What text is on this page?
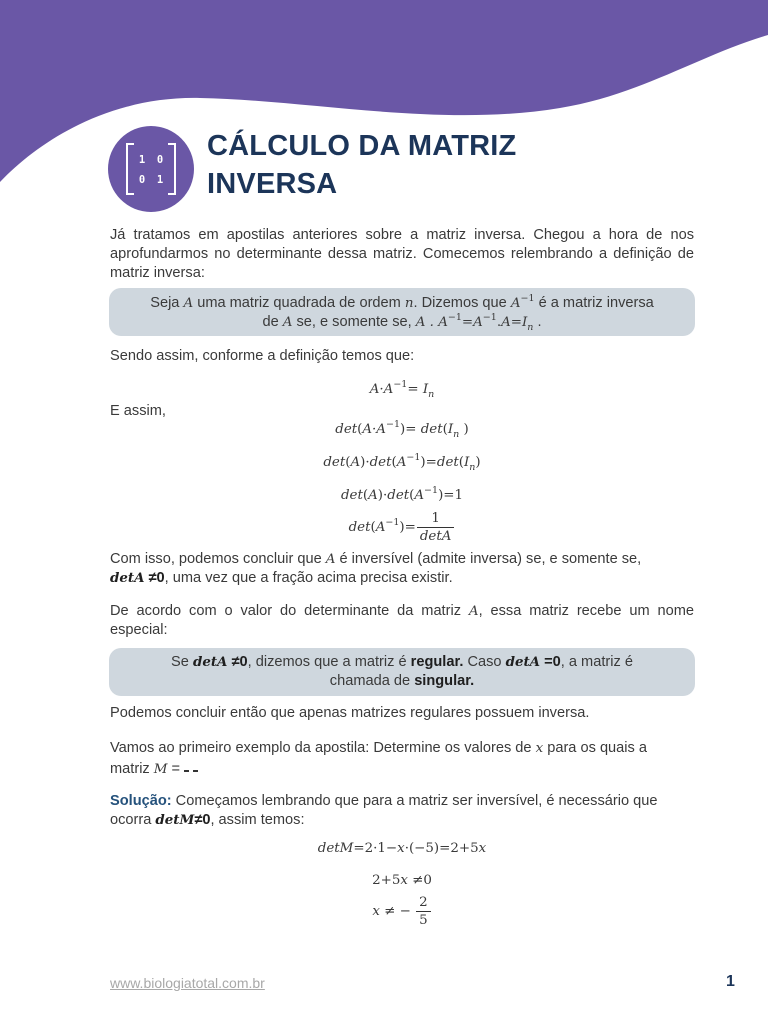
1 0
0 1
CÁLCULO DA MATRIZ
INVERSA

Já tratamos em apostilas anteriores sobre a matriz inversa. Chegou a hora de nos aprofundarmos no determinante dessa matriz. Comecemos relembrando a definição de matriz inversa:

Seja A uma matriz quadrada de ordem n. Dizemos que $A^{-1}$ é a matriz inversa
de A se, e somente se, A . $A^{-1}=A^{-1}.A=I_n$ .

Sendo assim, conforme a definição temos que:

$A\cdot A^{-1}= I_n$

E assim,

$\det(A\cdot A^{-1})= \det(I_n$ )
$\det(A)\cdot\det(A^{-1})=\det(I_n)$
$\det(A)\cdot\det(A^{-1})=1$
$\det(A^{-1})= \frac{1}{\det A}$

Com isso, podemos concluir que A é inversível (admite inversa) se, e somente se,
detA ≠0, uma vez que a fração acima precisa existir.

De acordo com o valor do determinante da matriz A, essa matriz recebe um nome especial:

Se detA ≠0, dizemos que a matriz é regular. Caso detA =0, a matriz é
chamada de singular.

Podemos concluir então que apenas matrizes regulares possuem inversa.

Vamos ao primeiro exemplo da apostila: Determine os valores de x para os quais a
matriz M =

Solução: Começamos lembrando que para a matriz ser inversível, é necessário que
ocorra detM≠0, assim temos:

detM=2·1−x·(−5)=2+5x
2+5x ≠0
x ≠ − $\frac{2}{5}$
www.biologiatotal.com.br	1
